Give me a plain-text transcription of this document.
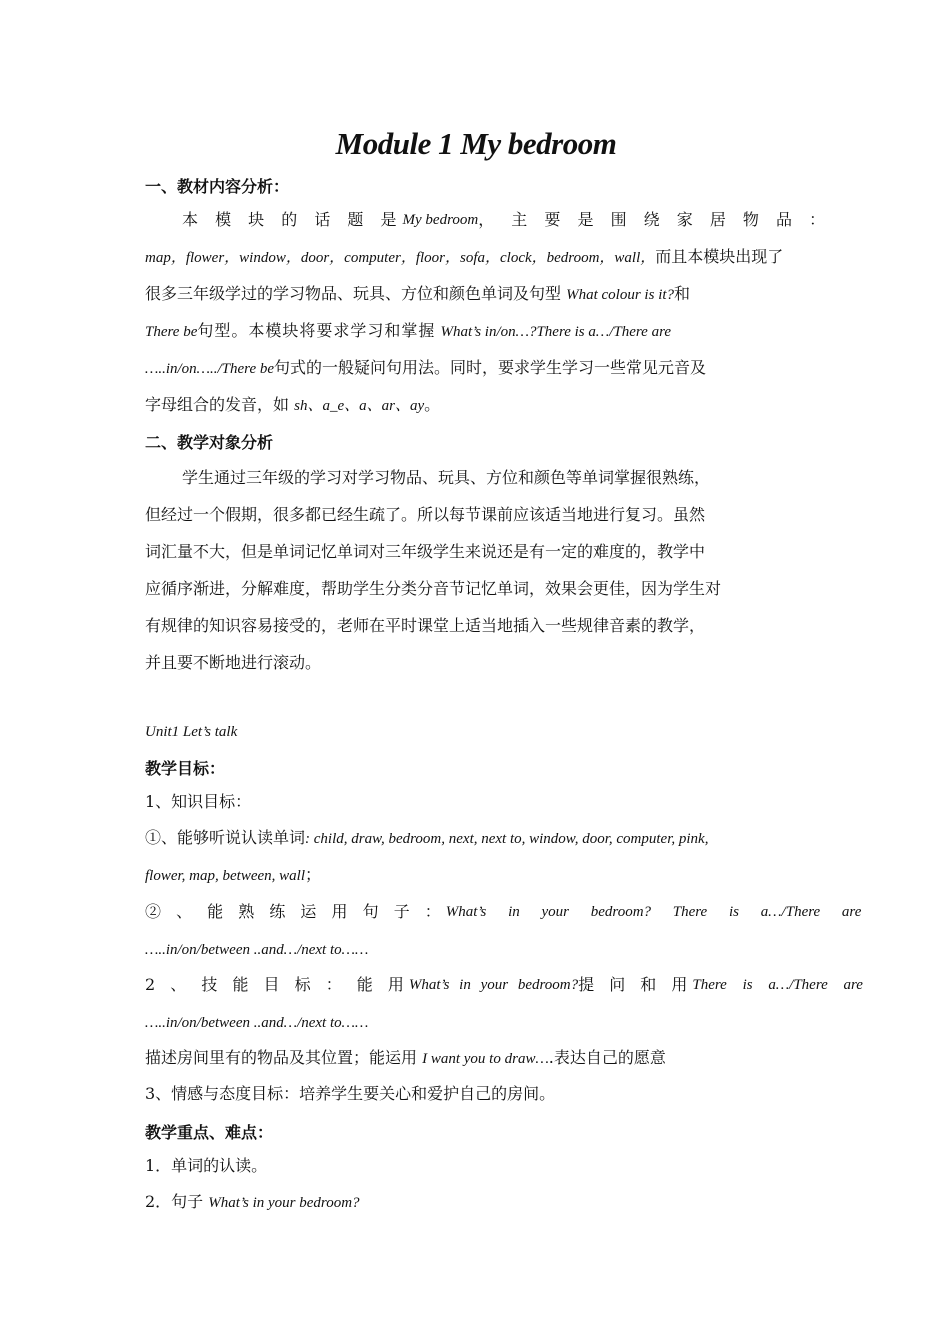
Module 1 My bedroom
一、教材内容分析：
本 模 块 的 话 题 是 My bedroom ， 主 要 是 围 绕 家 居 物 品 ：
map，flower，window，door，computer，floor，sofa，clock，bedroom，wall，而且本模块出现了
很多三年级学过的学习物品、玩具、方位和颜色单词及句型 What colour is it?和
There be句型。本模块将要求学习和掌握 What’s in/on…?There is a…/There are
…..in/on…../There be句式的一般疑问句用法。同时，要求学生学习一些常见元音及
字母组合的发音，如 sh、a_e、a、ar、ay。
二、教学对象分析
学生通过三年级的学习对学习物品、玩具、方位和颜色等单词掌握很熟练，
但经过一个假期，很多都已经生疏了。所以每节课前应该适当地进行复习。虽然
词汇量不大，但是单词记忆单词对三年级学生来说还是有一定的难度的，教学中
应循序渐进，分解难度，帮助学生分类分音节记忆单词，效果会更佳，因为学生对
有规律的知识容易接受的，老师在平时课堂上适当地插入一些规律音素的教学，
并且要不断地进行滚动。
Unit1 Let’s talk
教学目标：
1、知识目标：
①、能够听说认读单词: child, draw, bedroom, next, next to, window, door, computer, pink,
flower, map, between, wall；
② 、 能 熟 练 运 用 句 子 ： What’s in your bedroom? There is a…/There are
…..in/on/between ..and…/next to……
2 、 技 能 目 标 ： 能 用 What’s in your bedroom? 提 问 和 用 There is a…/There are
…..in/on/between ..and…/next to……
描述房间里有的物品及其位置；能运用 I want you to draw….表达自己的愿意
3、情感与态度目标：培养学生要关心和爱护自己的房间。
教学重点、难点：
1．单词的认读。
2．句子 What’s in your bedroom?
